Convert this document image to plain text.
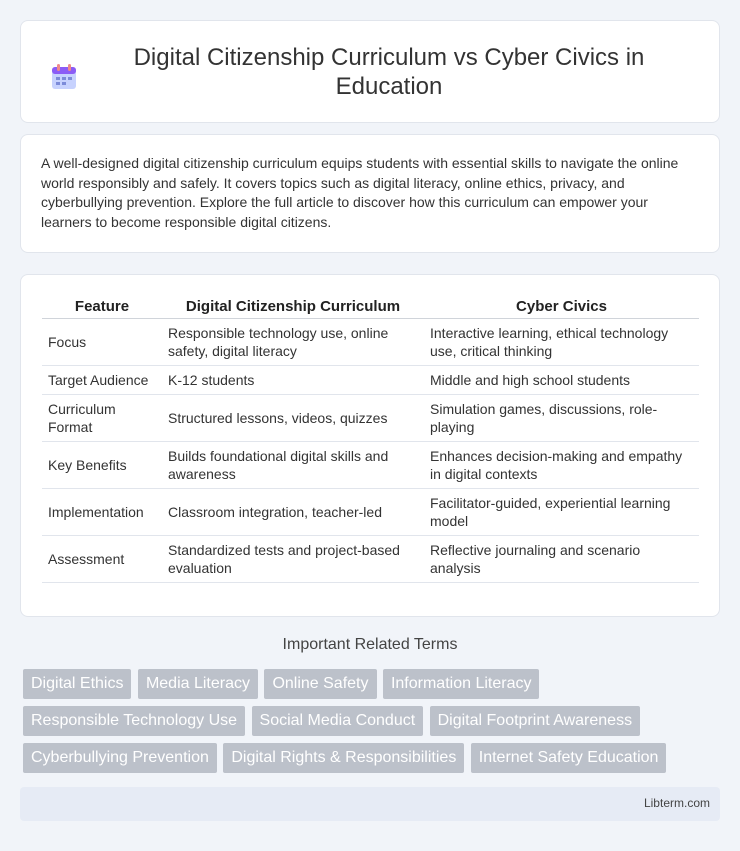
Digital Citizenship Curriculum vs Cyber Civics in Education

A well-designed digital citizenship curriculum equips students with essential skills to navigate the online world responsibly and safely. It covers topics such as digital literacy, online ethics, privacy, and cyberbullying prevention. Explore the full article to discover how this curriculum can empower your learners to become responsible digital citizens.

Feature	Digital Citizenship Curriculum	Cyber Civics
Focus	Responsible technology use, online safety, digital literacy	Interactive learning, ethical technology use, critical thinking
Target Audience	K-12 students	Middle and high school students
Curriculum Format	Structured lessons, videos, quizzes	Simulation games, discussions, role-playing
Key Benefits	Builds foundational digital skills and awareness	Enhances decision-making and empathy in digital contexts
Implementation	Classroom integration, teacher-led	Facilitator-guided, experiential learning model
Assessment	Standardized tests and project-based evaluation	Reflective journaling and scenario analysis
Important Related Terms
Digital Ethics Media Literacy Online Safety Information Literacy Responsible Technology Use Social Media Conduct Digital Footprint Awareness Cyberbullying Prevention Digital Rights & Responsibilities Internet Safety Education
Libterm.com
